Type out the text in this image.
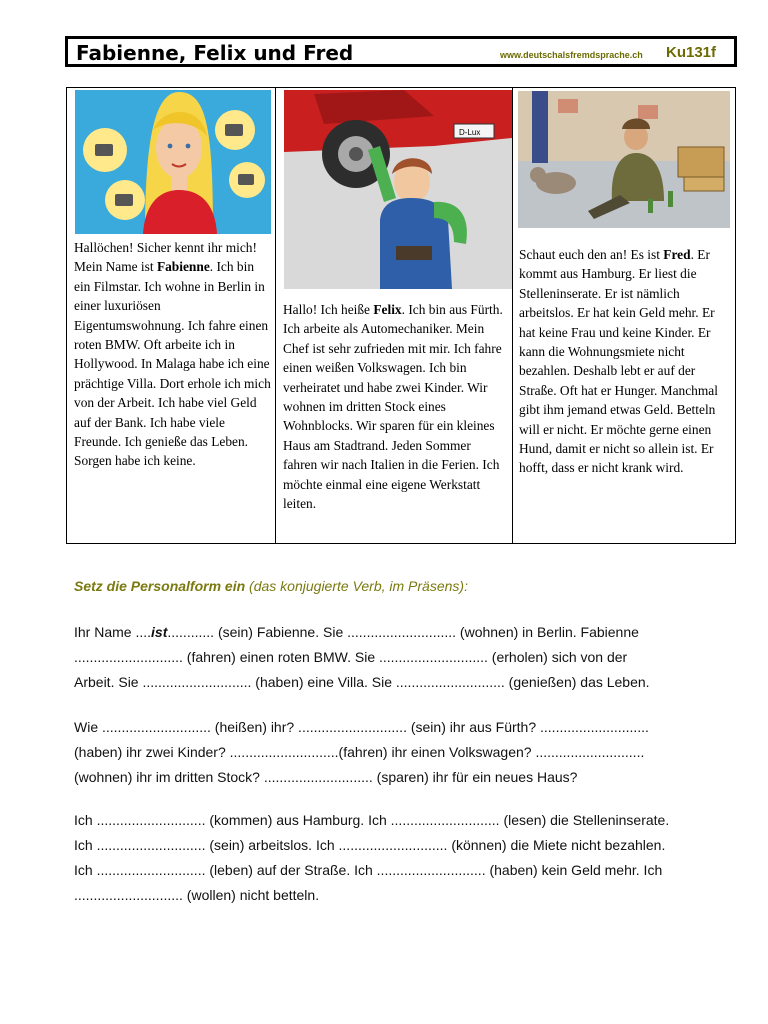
Fabienne, Felix und Fred	www.deutschalsfremdsprache.ch Ku131f
Hallöchen! Sicher kennt ihr mich! Mein Name ist Fabienne. Ich bin ein Filmstar. Ich wohne in Berlin in einer luxuriösen Eigentumswohnung. Ich fahre einen roten BMW. Oft arbeite ich in Hollywood. In Malaga habe ich eine prächtige Villa. Dort erhole ich mich von der Arbeit. Ich habe viel Geld auf der Bank. Ich habe viele Freunde. Ich genieße das Leben. Sorgen habe ich keine.
D-Lux
Hallo! Ich heiße Felix. Ich bin aus Fürth. Ich arbeite als Automechaniker. Mein Chef ist sehr zufrieden mit mir. Ich fahre einen weißen Volkswagen. Ich bin verheiratet und habe zwei Kinder. Wir wohnen im dritten Stock eines Wohnblocks. Wir sparen für ein kleines Haus am Stadtrand. Jeden Sommer fahren wir nach Italien in die Ferien. Ich möchte einmal eine eigene Werkstatt leiten.
Schaut euch den an! Es ist Fred. Er kommt aus Hamburg. Er liest die Stelleninserate. Er ist nämlich arbeitslos. Er hat kein Geld mehr. Er hat keine Frau und keine Kinder. Er kann die Wohnungsmiete nicht bezahlen. Deshalb lebt er auf der Straße. Oft hat er Hunger. Manchmal gibt ihm jemand etwas Geld. Betteln will er nicht. Er möchte gerne einen Hund, damit er nicht so allein ist. Er hofft, dass er nicht krank wird.
Setz die Personalform ein (das konjugierte Verb, im Präsens):
Ihr Name ....ist............ (sein) Fabienne. Sie ............................ (wohnen) in Berlin. Fabienne
............................ (fahren) einen roten BMW. Sie ............................ (erholen) sich von der
Arbeit. Sie ............................ (haben) eine Villa. Sie ............................ (genießen) das Leben.
Wie ............................ (heißen) ihr? ............................ (sein) ihr aus Fürth? ............................
(haben) ihr zwei Kinder? ............................(fahren) ihr einen Volkswagen? ............................
(wohnen) ihr im dritten Stock? ............................ (sparen) ihr für ein neues Haus?
Ich ............................ (kommen) aus Hamburg. Ich ............................ (lesen) die Stelleninserate.
Ich ............................ (sein) arbeitslos. Ich ............................ (können) die Miete nicht bezahlen.
Ich ............................ (leben) auf der Straße. Ich ............................ (haben) kein Geld mehr. Ich
............................ (wollen) nicht betteln.
